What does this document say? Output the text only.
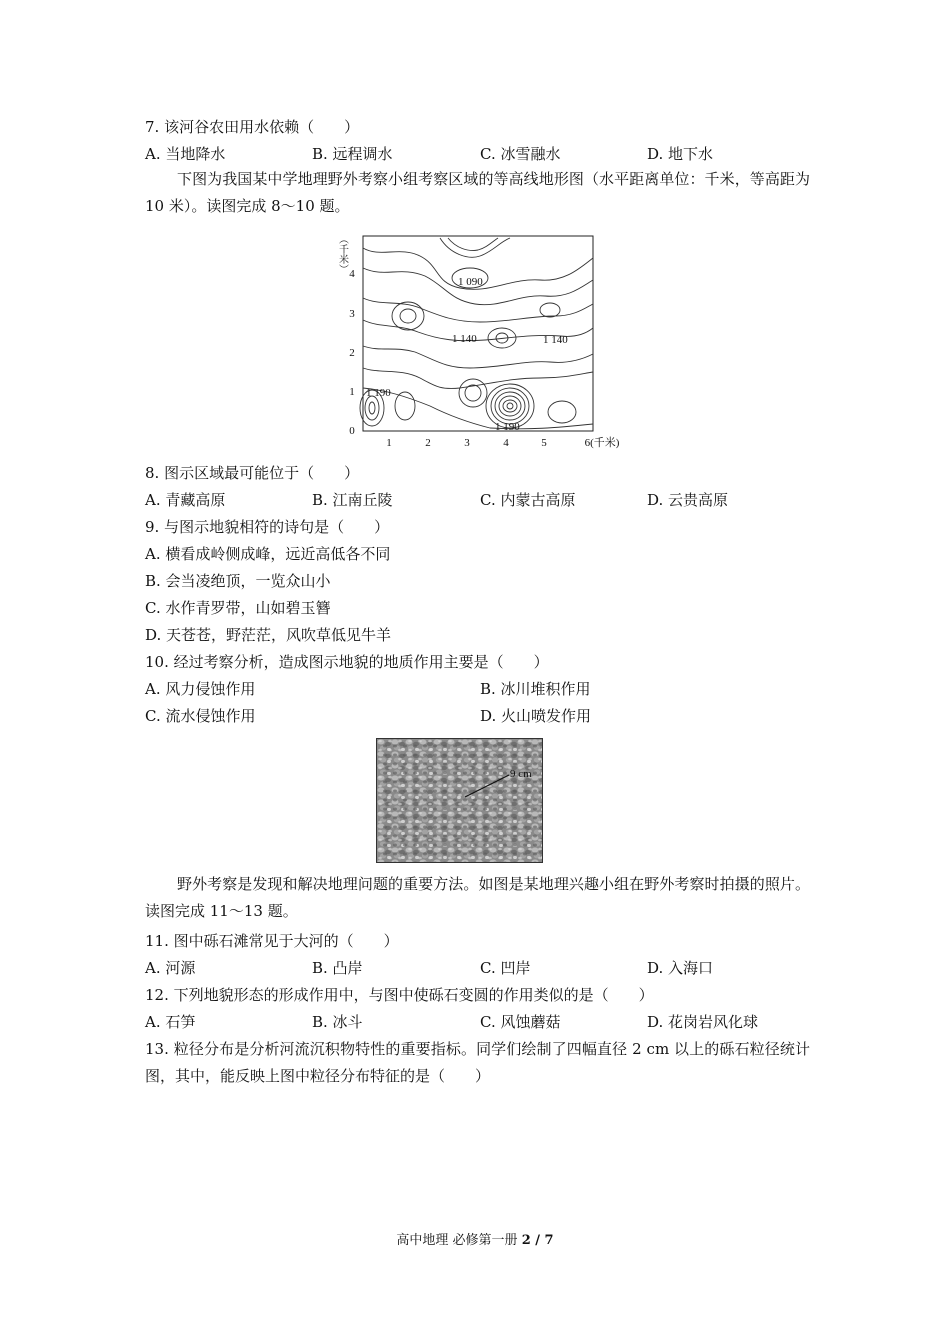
7. 该河谷农田用水依赖（　　）
A. 当地降水	B. 远程调水	C. 冰雪融水	D. 地下水
下图为我国某中学地理野外考察小组考察区域的等高线地形图（水平距离单位：千米，等高距为 10 米）。读图完成 8～10 题。
1 090
1 140	1 140
1 190
1 190
0
1
2
3
4
1	2	3	4	5	6(千米)
（千米）
8. 图示区域最可能位于（　　）
A. 青藏高原	B. 江南丘陵	C. 内蒙古高原	D. 云贵高原
9. 与图示地貌相符的诗句是（　　）
A. 横看成岭侧成峰，远近高低各不同
B. 会当凌绝顶，一览众山小
C. 水作青罗带，山如碧玉簪
D. 天苍苍，野茫茫，风吹草低见牛羊
10. 经过考察分析，造成图示地貌的地质作用主要是（　　）
A. 风力侵蚀作用	B. 冰川堆积作用
C. 流水侵蚀作用	D. 火山喷发作用
9 cm
野外考察是发现和解决地理问题的重要方法。如图是某地理兴趣小组在野外考察时拍摄的照片。读图完成 11～13 题。
11. 图中砾石滩常见于大河的（　　）
A. 河源	B. 凸岸	C. 凹岸	D. 入海口
12. 下列地貌形态的形成作用中，与图中使砾石变圆的作用类似的是（　　）
A. 石笋	B. 冰斗	C. 风蚀蘑菇	D. 花岗岩风化球
13. 粒径分布是分析河流沉积物特性的重要指标。同学们绘制了四幅直径 2 cm 以上的砾石粒径统计图，其中，能反映上图中粒径分布特征的是（　　）
高中地理 必修第一册 2 / 7
